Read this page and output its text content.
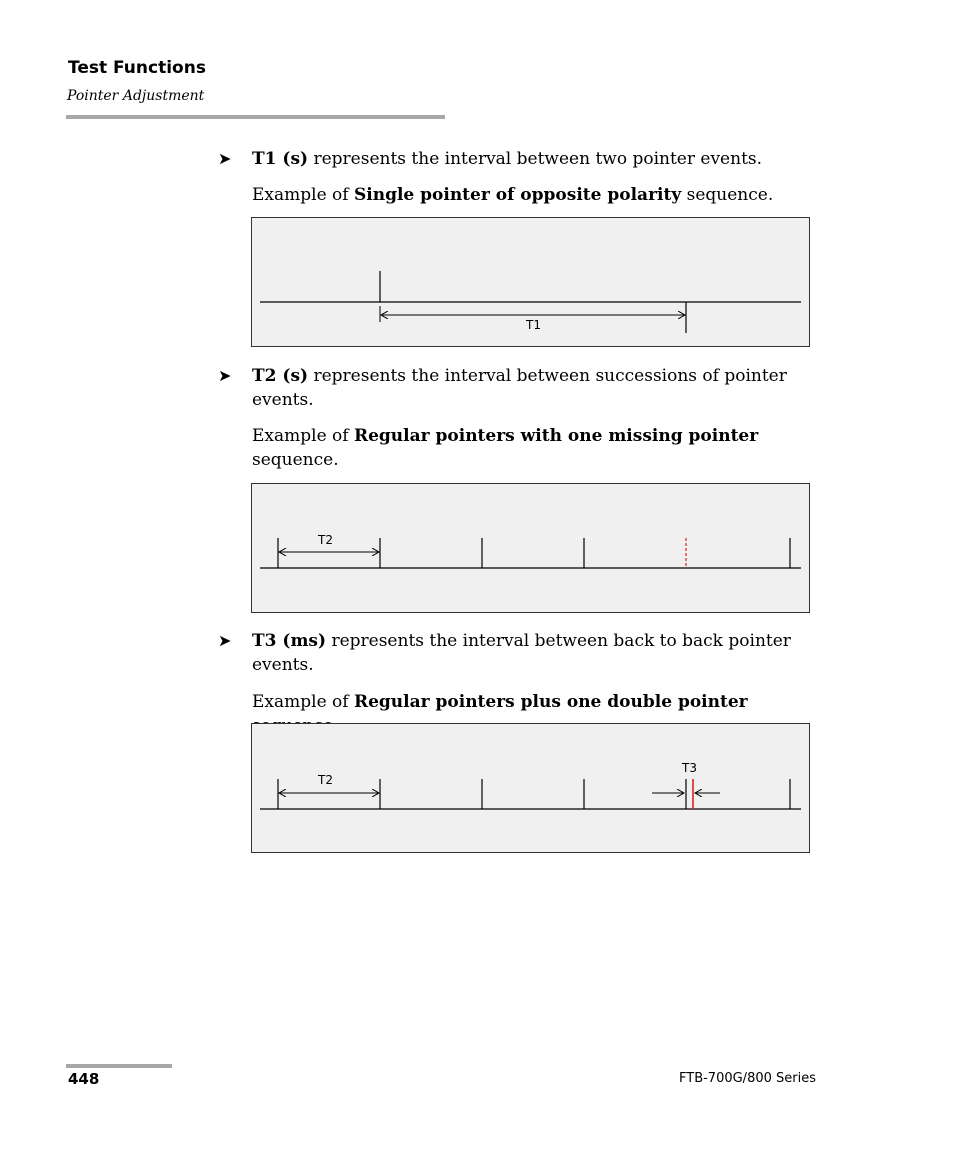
Test Functions
Pointer Adjustment
➤	T1 (s) represents the interval between two pointer events.
Example of Single pointer of opposite polarity sequence.
T1
➤	T2 (s) represents the interval between successions of pointer events.
Example of Regular pointers with one missing pointer sequence.
T2
➤	T3 (ms) represents the interval between back to back pointer events.
Example of Regular pointers plus one double pointer
T2
T3
448	FTB-700G/800 Series
